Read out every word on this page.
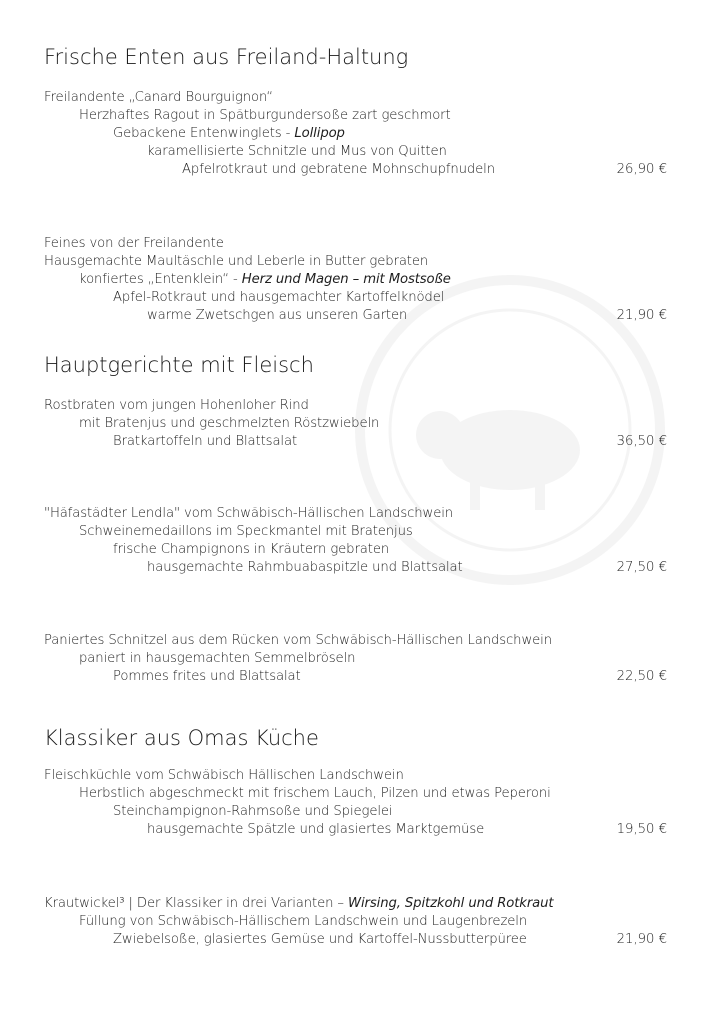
Frische Enten aus Freiland-Haltung
Freilandente „Canard Bourguignon“
Herzhaftes Ragout in Spätburgundersoße zart geschmort
Gebackene Entenwinglets - Lollipop
karamellisierte Schnitzle und Mus von Quitten
Apfelrotkraut und gebratene Mohnschupfnudeln	26,90 €
Feines von der Freilandente
Hausgemachte Maultäschle und Leberle in Butter gebraten
konfiertes „Entenklein“ - Herz und Magen – mit Mostsoße
Apfel-Rotkraut und hausgemachter Kartoffelknödel
warme Zwetschgen aus unseren Garten	21,90 €
Hauptgerichte mit Fleisch
Rostbraten vom jungen Hohenloher Rind
mit Bratenjus und geschmelzten Röstzwiebeln
Bratkartoffeln und Blattsalat	36,50 €
"Häfastädter Lendla" vom Schwäbisch-Hällischen Landschwein
Schweinemedaillons im Speckmantel mit Bratenjus
frische Champignons in Kräutern gebraten
hausgemachte Rahmbuabaspitzle und Blattsalat	27,50 €
Paniertes Schnitzel aus dem Rücken vom Schwäbisch-Hällischen Landschwein
paniert in hausgemachten Semmelbröseln
Pommes frites und Blattsalat	22,50 €
Klassiker aus Omas Küche
Fleischküchle vom Schwäbisch Hällischen Landschwein
Herbstlich abgeschmeckt mit frischem Lauch, Pilzen und etwas Peperoni
Steinchampignon-Rahmsoße und Spiegelei
hausgemachte Spätzle und glasiertes Marktgemüse	19,50 €
Krautwickel³ | Der Klassiker in drei Varianten – Wirsing, Spitzkohl und Rotkraut
Füllung von Schwäbisch-Hällischem Landschwein und Laugenbrezeln
Zwiebelsoße, glasiertes Gemüse und Kartoffel-Nussbutterpüree	21,90 €
